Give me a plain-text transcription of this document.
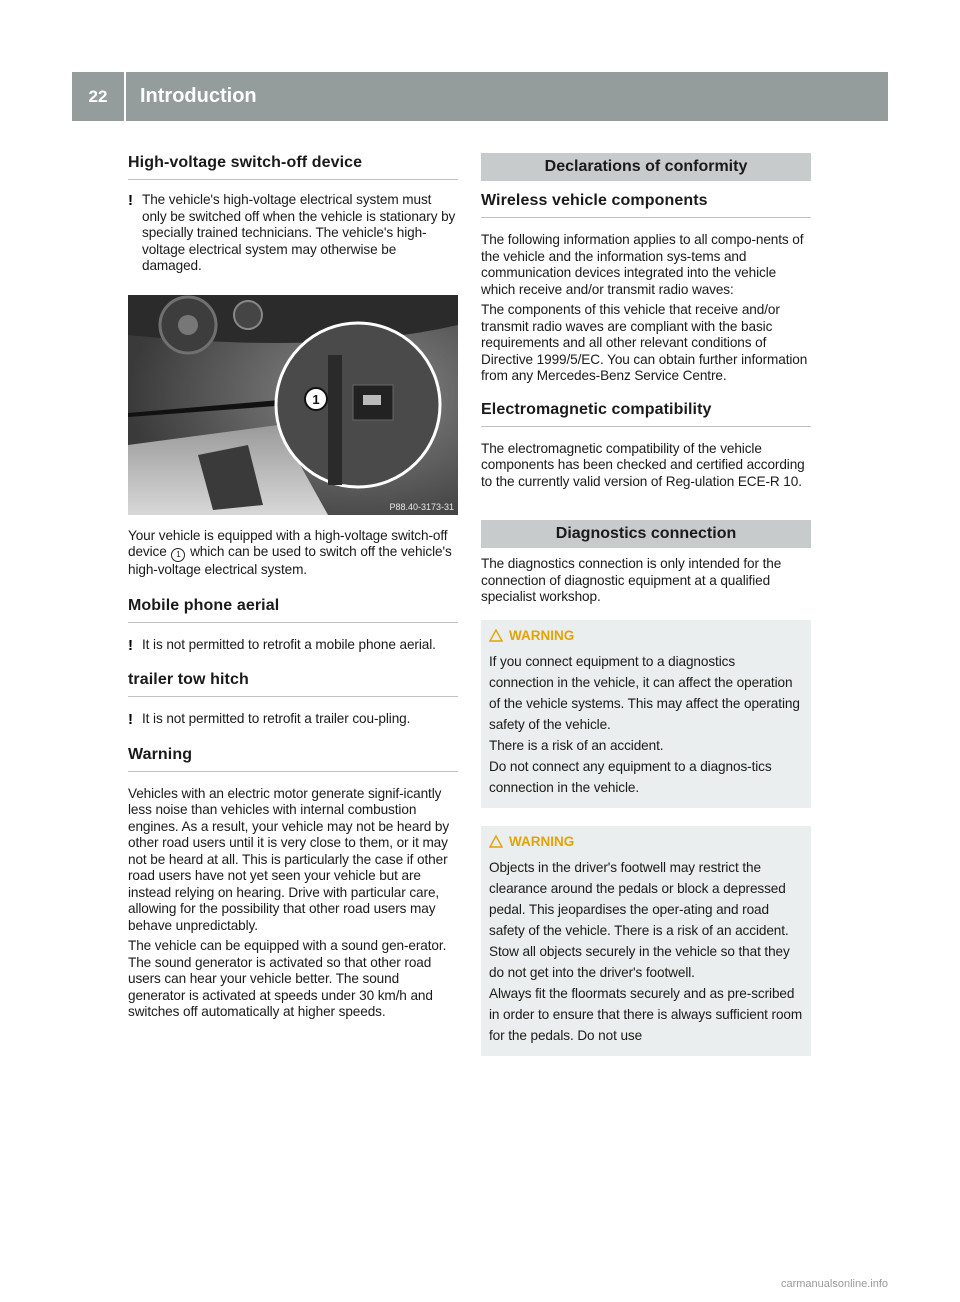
22	Introduction
High-voltage switch-off device
! The vehicle's high-voltage electrical system must only be switched off when the vehicle is stationary by specially trained technicians. The vehicle's high-voltage electrical system may otherwise be damaged.

1
P88.40-3173-31

Your vehicle is equipped with a high-voltage switch-off device 1 which can be used to switch off the vehicle's high-voltage electrical system.

Mobile phone aerial
! It is not permitted to retrofit a mobile phone aerial.

trailer tow hitch
! It is not permitted to retrofit a trailer cou-pling.

Warning

Vehicles with an electric motor generate signif-icantly less noise than vehicles with internal combustion engines. As a result, your vehicle may not be heard by other road users until it is very close to them, or it may not be heard at all. This is particularly the case if other road users have not yet seen your vehicle but are instead relying on hearing. Drive with particular care, allowing for the possibility that other road users may behave unpredictably.

The vehicle can be equipped with a sound gen-erator. The sound generator is activated so that other road users can hear your vehicle better. The sound generator is activated at speeds under 30 km/h and switches off automatically at higher speeds.

Declarations of conformity
Wireless vehicle components

The following information applies to all compo-nents of the vehicle and the information sys-tems and communication devices integrated into the vehicle which receive and/or transmit radio waves:

The components of this vehicle that receive and/or transmit radio waves are compliant with the basic requirements and all other relevant conditions of Directive 1999/5/EC. You can obtain further information from any Mercedes-Benz Service Centre.

Electromagnetic compatibility

The electromagnetic compatibility of the vehicle components has been checked and certified according to the currently valid version of Reg-ulation ECE-R 10.

Diagnostics connection

The diagnostics connection is only intended for the connection of diagnostic equipment at a qualified specialist workshop.

WARNING

If you connect equipment to a diagnostics connection in the vehicle, it can affect the operation of the vehicle systems. This may affect the operating safety of the vehicle.

There is a risk of an accident.

Do not connect any equipment to a diagnos-tics connection in the vehicle.

WARNING

Objects in the driver's footwell may restrict the clearance around the pedals or block a depressed pedal. This jeopardises the oper-ating and road safety of the vehicle. There is a risk of an accident.

Stow all objects securely in the vehicle so that they do not get into the driver's footwell.

Always fit the floormats securely and as pre-scribed in order to ensure that there is always sufficient room for the pedals. Do not use

carmanualsonline.info
